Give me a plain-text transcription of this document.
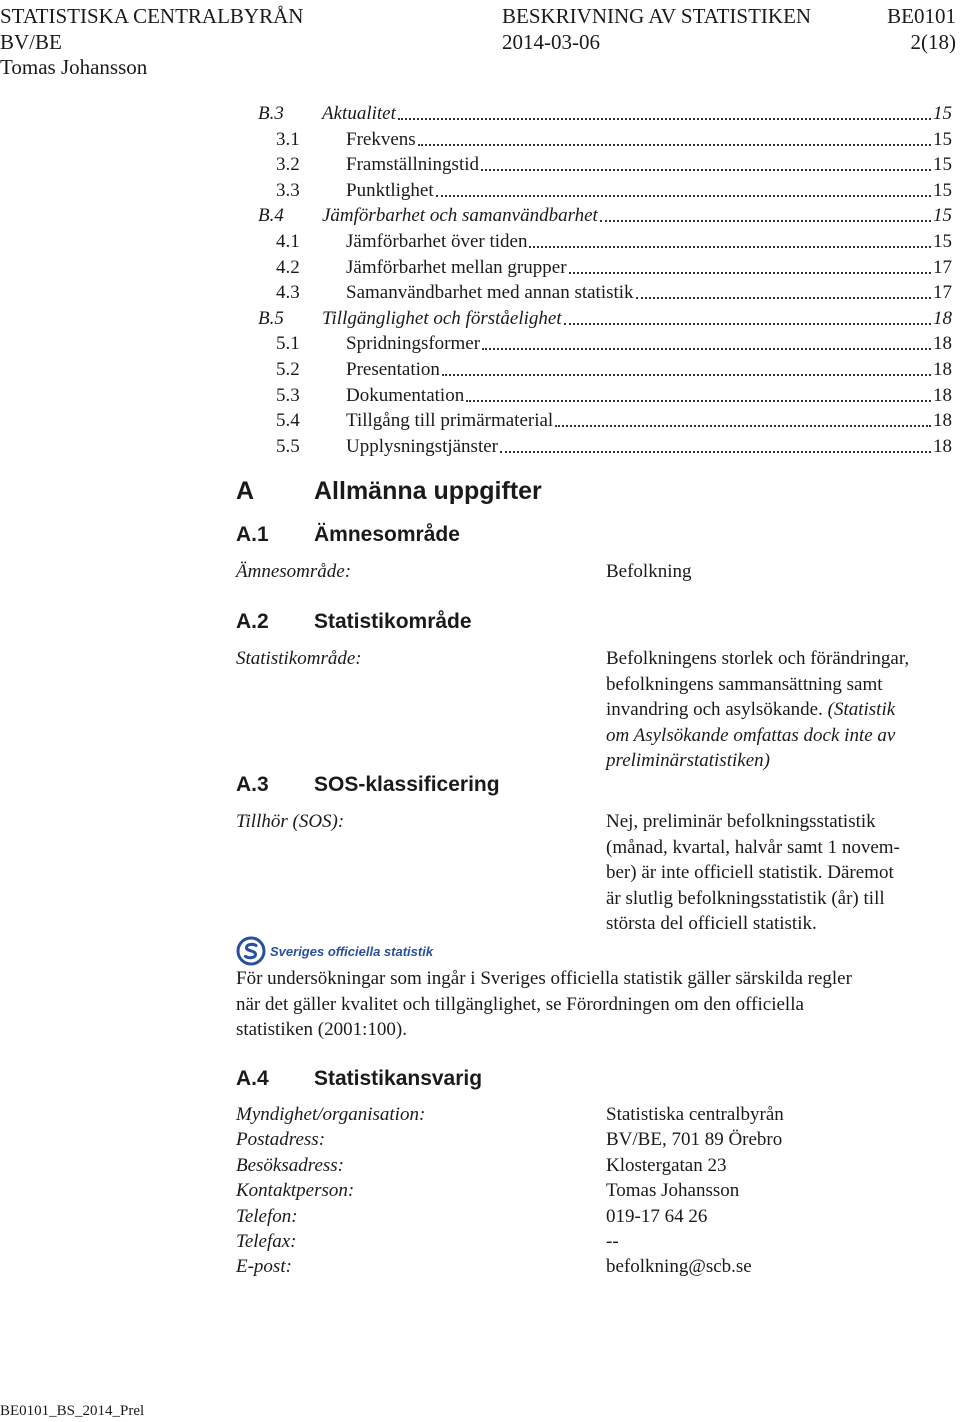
STATISTISKA CENTRALBYRÅN	BESKRIVNING AV STATISTIKEN	BE0101
BV/BE	2014-03-06	2(18)
Tomas Johansson
B.3 Aktualitet	15
3.1 Frekvens	15
3.2 Framställningstid	15
3.3 Punktlighet	15
B.4 Jämförbarhet och samanvändbarhet	15
4.1 Jämförbarhet över tiden	15
4.2 Jämförbarhet mellan grupper	17
4.3 Samanvändbarhet med annan statistik	17
B.5 Tillgänglighet och förståelighet	18
5.1 Spridningsformer	18
5.2 Presentation	18
5.3 Dokumentation	18
5.4 Tillgång till primärmaterial	18
5.5 Upplysningstjänster	18
A Allmänna uppgifter
A.1 Ämnesområde
Ämnesområde:	Befolkning
A.2 Statistikområde
Statistikområde:	Befolkningens storlek och förändringar,
befolkningens sammansättning samt
invandring och asylsökande. (Statistik
om Asylsökande omfattas dock inte av
preliminärstatistiken)
A.3 SOS-klassificering
Tillhör (SOS):	Nej, preliminär befolkningsstatistik
(månad, kvartal, halvår samt 1 novem-
ber) är inte officiell statistik. Däremot
är slutlig befolkningsstatistik (år) till
största del officiell statistik.
Sveriges officiella statistik
För undersökningar som ingår i Sveriges officiella statistik gäller särskilda regler
när det gäller kvalitet och tillgänglighet, se Förordningen om den officiella
statistiken (2001:100).
A.4 Statistikansvarig
Myndighet/organisation:	Statistiska centralbyrån
Postadress:	BV/BE, 701 89 Örebro
Besöksadress:	Klostergatan 23
Kontaktperson:	Tomas Johansson
Telefon:	019-17 64 26
Telefax:	--
E-post:	befolkning@scb.se
BE0101_BS_2014_Prel
